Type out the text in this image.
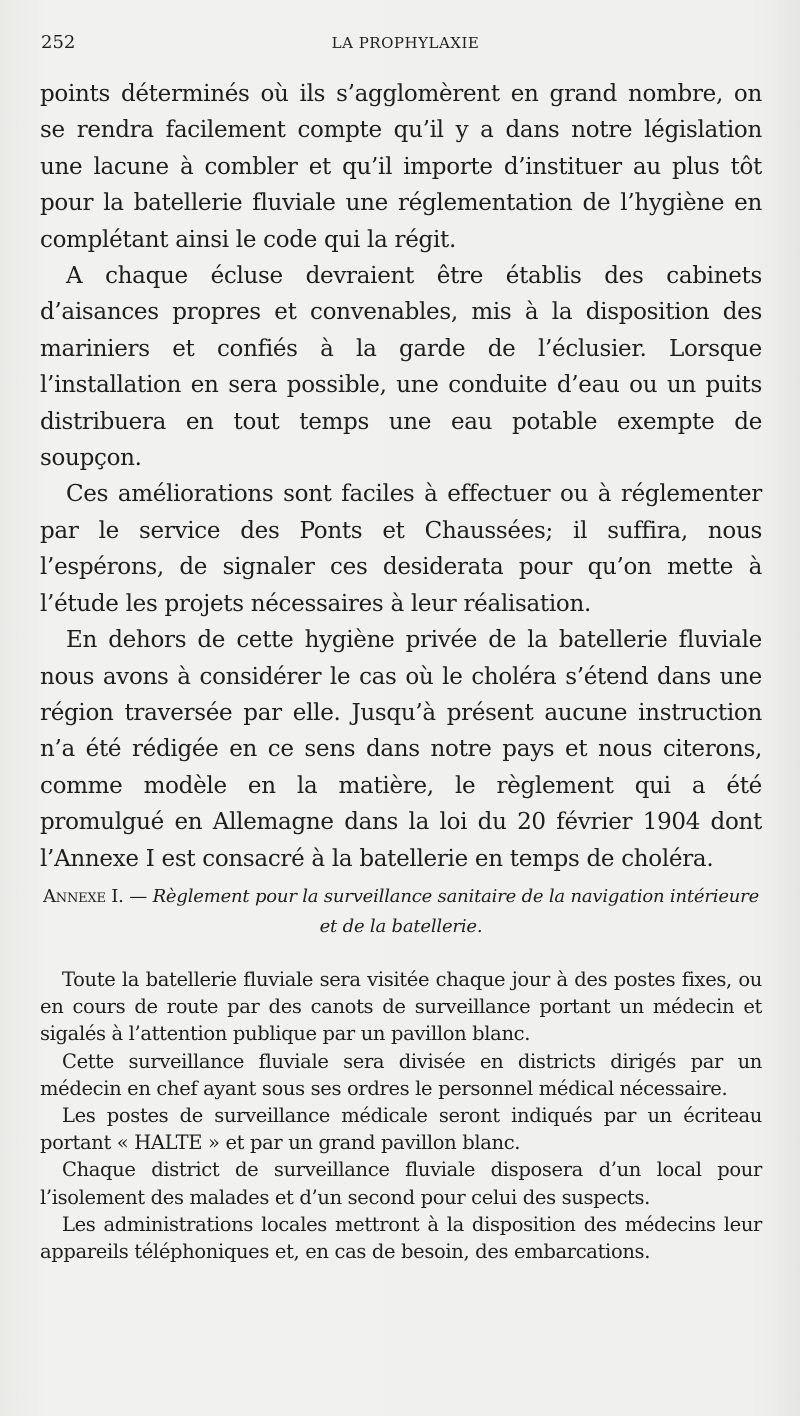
252	LA PROPHYLAXIE

points déterminés où ils s’agglomèrent en grand nombre, on se rendra facilement compte qu’il y a dans notre législation une lacune à combler et qu’il importe d’instituer au plus tôt pour la batellerie fluviale une réglementation de l’hygiène en complétant ainsi le code qui la régit.

A chaque écluse devraient être établis des cabinets d’aisances propres et convenables, mis à la disposition des mariniers et confiés à la garde de l’éclusier. Lorsque l’installation en sera possible, une conduite d’eau ou un puits distribuera en tout temps une eau potable exempte de soupçon.

Ces améliorations sont faciles à effectuer ou à réglementer par le service des Ponts et Chaussées; il suffira, nous l’espérons, de signaler ces desiderata pour qu’on mette à l’étude les projets nécessaires à leur réalisation.

En dehors de cette hygiène privée de la batellerie fluviale nous avons à considérer le cas où le choléra s’étend dans une région traversée par elle. Jusqu’à présent aucune instruction n’a été rédigée en ce sens dans notre pays et nous citerons, comme modèle en la matière, le règlement qui a été promulgué en Allemagne dans la loi du 20 février 1904 dont l’Annexe I est consacré à la batellerie en temps de choléra.

Annexe I. — Règlement pour la surveillance sanitaire de la navigation intérieure et de la batellerie.

Toute la batellerie fluviale sera visitée chaque jour à des postes fixes, ou en cours de route par des canots de surveillance portant un médecin et sigalés à l’attention publique par un pavillon blanc.

Cette surveillance fluviale sera divisée en districts dirigés par un médecin en chef ayant sous ses ordres le personnel médical nécessaire.

Les postes de surveillance médicale seront indiqués par un écriteau portant « HALTE » et par un grand pavillon blanc.

Chaque district de surveillance fluviale disposera d’un local pour l’isolement des malades et d’un second pour celui des suspects.

Les administrations locales mettront à la disposition des médecins leur appareils téléphoniques et, en cas de besoin, des embarcations.
